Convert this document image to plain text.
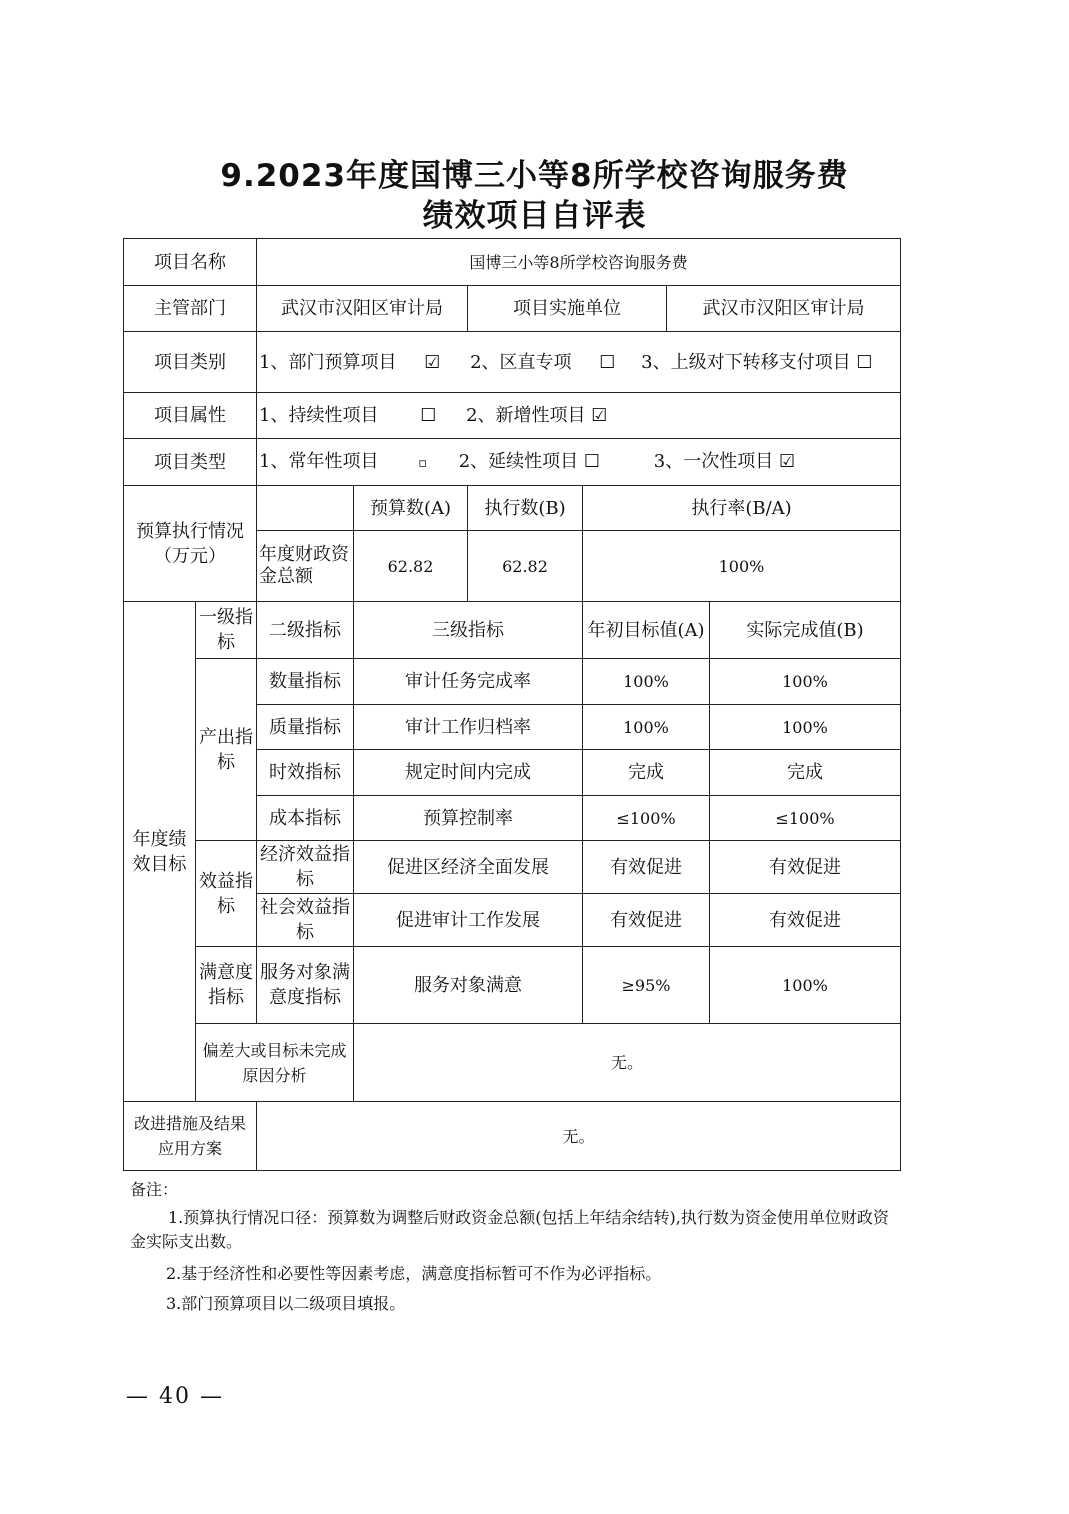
9.2023年度国博三小等8所学校咨询服务费
绩效项目自评表
项目名称		国博三小等8所学校咨询服务费					
主管部门		武汉市汉阳区审计局		项目实施单位		武汉市汉阳区审计局	
项目类别		1、部门预算项目 ☑ 2、区直专项 ☐ 3、上级对下转移支付项目 ☐					
项目属性		1、持续性项目 ☐ 2、新增性项目 ☑					
项目类型		1、常年性项目 ▫ 2、延续性项目 ☐ 3、一次性项目 ☑					
预算执行情况（万元）			预算数(A)	执行数(B)	执行率(B/A)		
		年度财政资金总额	62.82	62.82	100%		
年度绩效目标	一级指标	二级指标	三级指标		年初目标值(A)		实际完成值(B)
	产出指标	数量指标	审计任务完成率		100%		100%
		质量指标	审计工作归档率		100%		100%
		时效指标	规定时间内完成		完成		完成
		成本指标	预算控制率		≤100%		≤100%
	效益指标	经济效益指标	促进区经济全面发展		有效促进		有效促进
		社会效益指标	促进审计工作发展		有效促进		有效促进
	满意度指标	服务对象满意度指标	服务对象满意		≥95%		100%
	偏差大或目标未完成原因分析		无。				
改进措施及结果应用方案		无。					

备注：

1.预算执行情况口径：预算数为调整后财政资金总额(包括上年结余结转),执行数为资金使用单位财政资金实际支出数。

2.基于经济性和必要性等因素考虑，满意度指标暂可不作为必评指标。

3.部门预算项目以二级项目填报。

— 40 —
